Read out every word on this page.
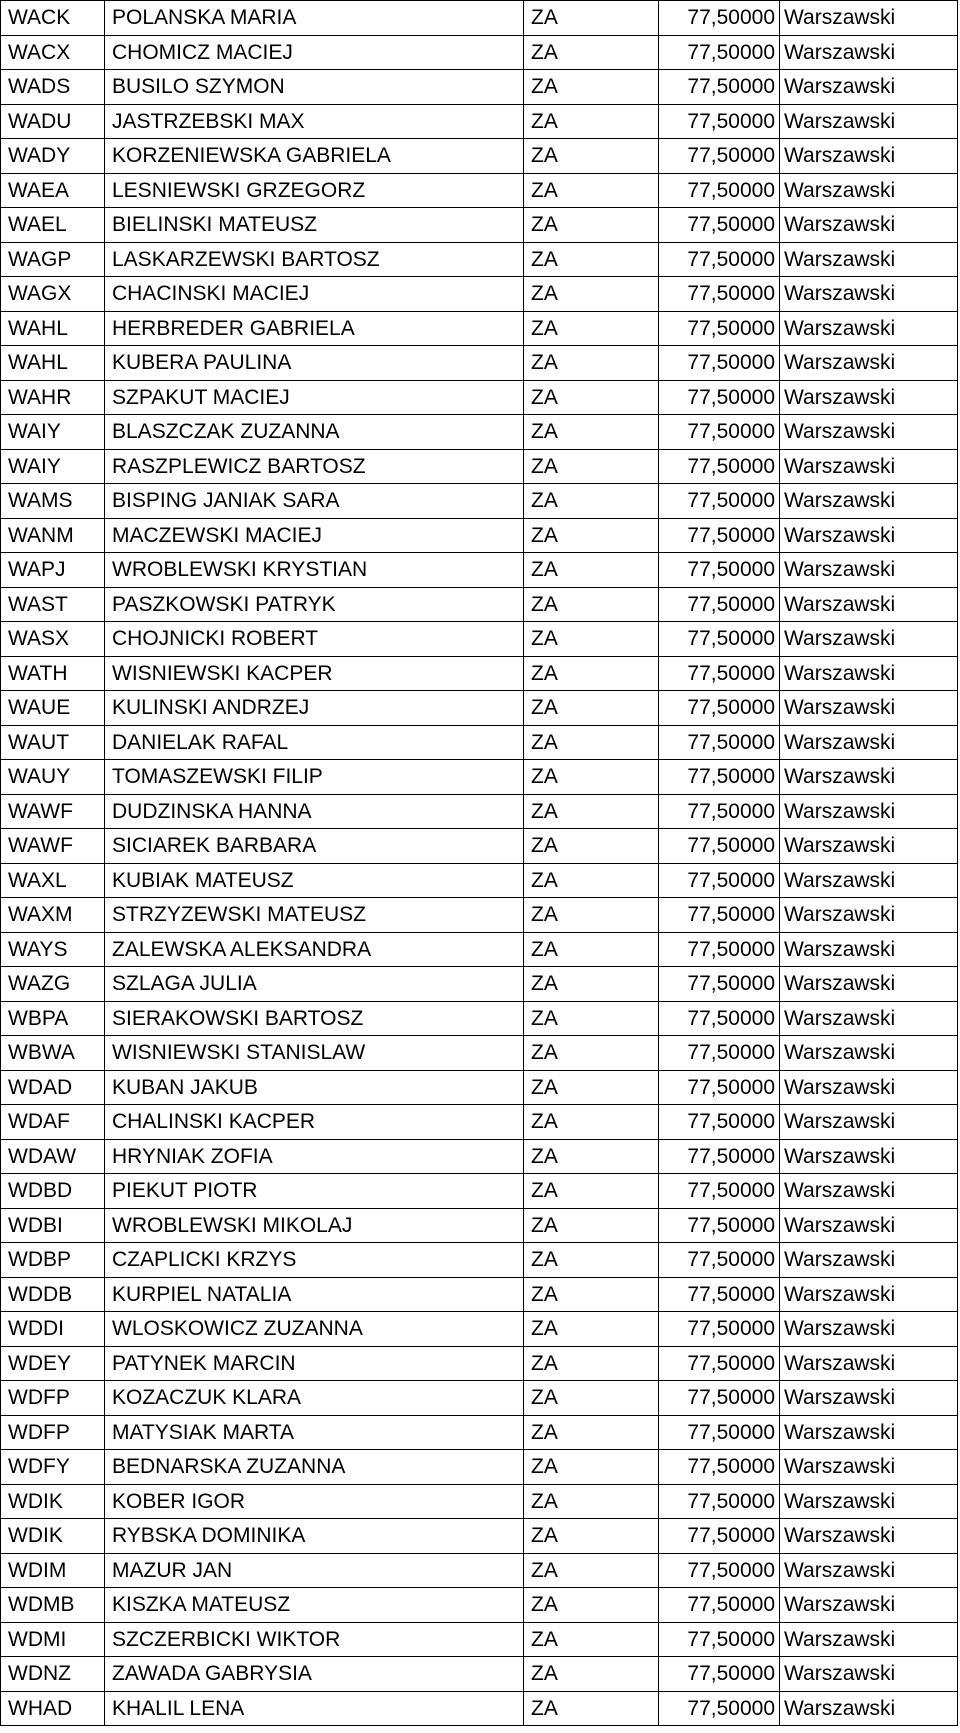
WACK	POLANSKA MARIA	ZA	77,50000	Warszawski
WACX	CHOMICZ MACIEJ	ZA	77,50000	Warszawski
WADS	BUSILO SZYMON	ZA	77,50000	Warszawski
WADU	JASTRZEBSKI MAX	ZA	77,50000	Warszawski
WADY	KORZENIEWSKA GABRIELA	ZA	77,50000	Warszawski
WAEA	LESNIEWSKI GRZEGORZ	ZA	77,50000	Warszawski
WAEL	BIELINSKI MATEUSZ	ZA	77,50000	Warszawski
WAGP	LASKARZEWSKI BARTOSZ	ZA	77,50000	Warszawski
WAGX	CHACINSKI MACIEJ	ZA	77,50000	Warszawski
WAHL	HERBREDER GABRIELA	ZA	77,50000	Warszawski
WAHL	KUBERA PAULINA	ZA	77,50000	Warszawski
WAHR	SZPAKUT MACIEJ	ZA	77,50000	Warszawski
WAIY	BLASZCZAK ZUZANNA	ZA	77,50000	Warszawski
WAIY	RASZPLEWICZ BARTOSZ	ZA	77,50000	Warszawski
WAMS	BISPING JANIAK SARA	ZA	77,50000	Warszawski
WANM	MACZEWSKI MACIEJ	ZA	77,50000	Warszawski
WAPJ	WROBLEWSKI KRYSTIAN	ZA	77,50000	Warszawski
WAST	PASZKOWSKI PATRYK	ZA	77,50000	Warszawski
WASX	CHOJNICKI ROBERT	ZA	77,50000	Warszawski
WATH	WISNIEWSKI KACPER	ZA	77,50000	Warszawski
WAUE	KULINSKI ANDRZEJ	ZA	77,50000	Warszawski
WAUT	DANIELAK RAFAL	ZA	77,50000	Warszawski
WAUY	TOMASZEWSKI FILIP	ZA	77,50000	Warszawski
WAWF	DUDZINSKA HANNA	ZA	77,50000	Warszawski
WAWF	SICIAREK BARBARA	ZA	77,50000	Warszawski
WAXL	KUBIAK MATEUSZ	ZA	77,50000	Warszawski
WAXM	STRZYZEWSKI MATEUSZ	ZA	77,50000	Warszawski
WAYS	ZALEWSKA ALEKSANDRA	ZA	77,50000	Warszawski
WAZG	SZLAGA JULIA	ZA	77,50000	Warszawski
WBPA	SIERAKOWSKI BARTOSZ	ZA	77,50000	Warszawski
WBWA	WISNIEWSKI STANISLAW	ZA	77,50000	Warszawski
WDAD	KUBAN JAKUB	ZA	77,50000	Warszawski
WDAF	CHALINSKI KACPER	ZA	77,50000	Warszawski
WDAW	HRYNIAK ZOFIA	ZA	77,50000	Warszawski
WDBD	PIEKUT PIOTR	ZA	77,50000	Warszawski
WDBI	WROBLEWSKI MIKOLAJ	ZA	77,50000	Warszawski
WDBP	CZAPLICKI KRZYS	ZA	77,50000	Warszawski
WDDB	KURPIEL NATALIA	ZA	77,50000	Warszawski
WDDI	WLOSKOWICZ ZUZANNA	ZA	77,50000	Warszawski
WDEY	PATYNEK MARCIN	ZA	77,50000	Warszawski
WDFP	KOZACZUK KLARA	ZA	77,50000	Warszawski
WDFP	MATYSIAK MARTA	ZA	77,50000	Warszawski
WDFY	BEDNARSKA ZUZANNA	ZA	77,50000	Warszawski
WDIK	KOBER IGOR	ZA	77,50000	Warszawski
WDIK	RYBSKA DOMINIKA	ZA	77,50000	Warszawski
WDIM	MAZUR JAN	ZA	77,50000	Warszawski
WDMB	KISZKA MATEUSZ	ZA	77,50000	Warszawski
WDMI	SZCZERBICKI WIKTOR	ZA	77,50000	Warszawski
WDNZ	ZAWADA GABRYSIA	ZA	77,50000	Warszawski
WHAD	KHALIL LENA	ZA	77,50000	Warszawski
